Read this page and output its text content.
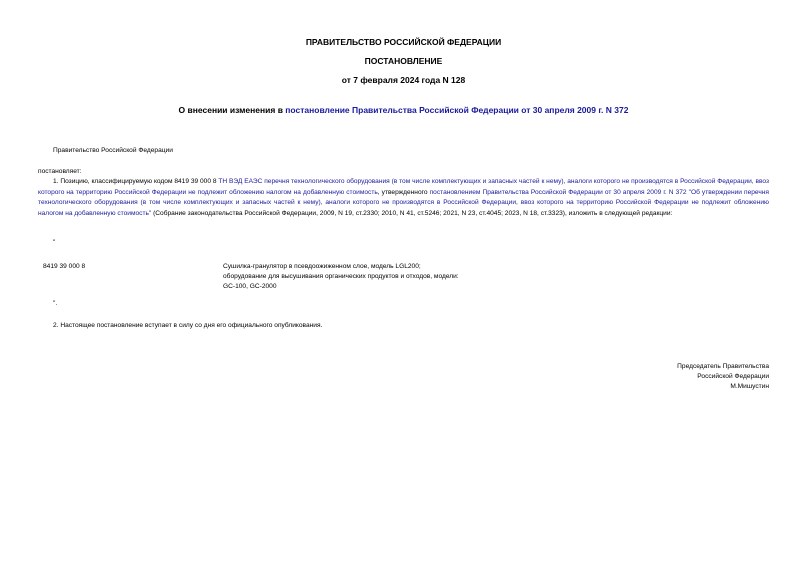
ПРАВИТЕЛЬСТВО РОССИЙСКОЙ ФЕДЕРАЦИИ
ПОСТАНОВЛЕНИЕ
от 7 февраля 2024 года N 128
О внесении изменения в постановление Правительства Российской Федерации от 30 апреля 2009 г. N 372
Правительство Российской Федерации
постановляет:
1. Позицию, классифицируемую кодом 8419 39 000 8 ТН ВЭД ЕАЭС перечня технологического оборудования (в том числе комплектующих и запасных частей к нему), аналоги которого не производятся в Российской Федерации, ввоз которого на территорию Российской Федерации не подлежит обложению налогом на добавленную стоимость, утвержденного постановлением Правительства Российской Федерации от 30 апреля 2009 г. N 372 "Об утверждении перечня технологического оборудования (в том числе комплектующих и запасных частей к нему), аналоги которого не производятся в Российской Федерации, ввоз которого на территорию Российской Федерации не подлежит обложению налогом на добавленную стоимость" (Собрание законодательства Российской Федерации, 2009, N 19, ст.2330; 2010, N 41, ст.5246; 2021, N 23, ст.4045; 2023, N 18, ст.3323), изложить в следующей редакции:
"
8419 39 000 8	Сушилка-гранулятор в псевдоожиженном слое, модель LGL200;
оборудование для высушивания органических продуктов и отходов, модели:
GC-100, GC-2000
".
2. Настоящее постановление вступает в силу со дня его официального опубликования.
Председатель Правительства
Российской Федерации
М.Мишустин
